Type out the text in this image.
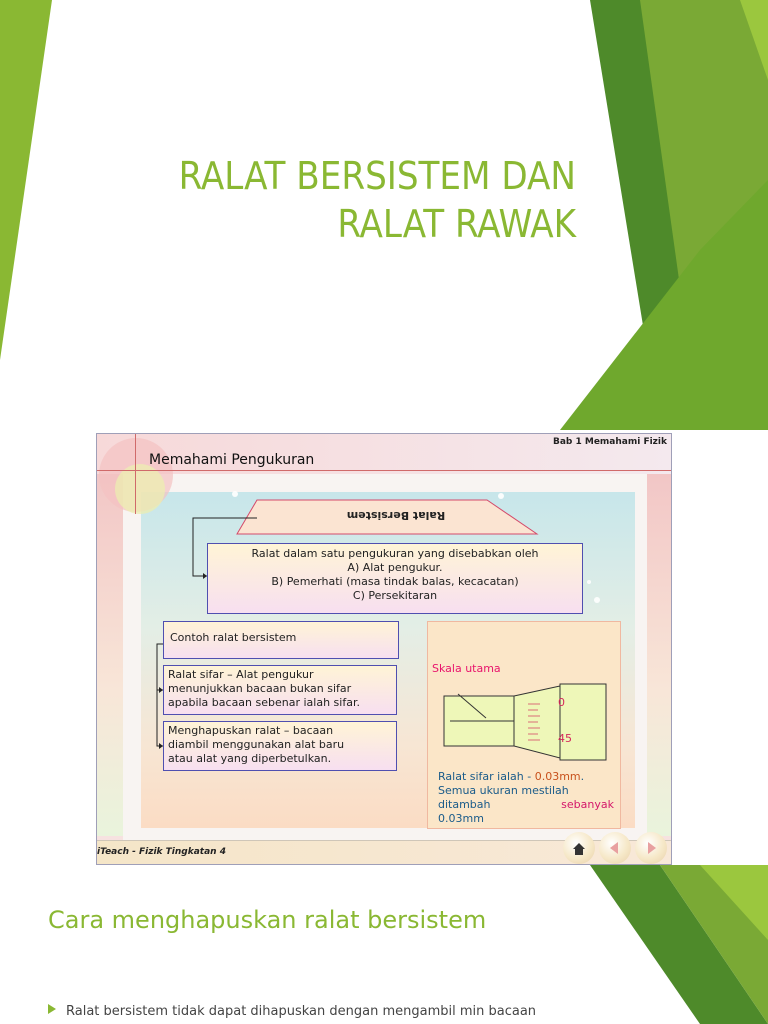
RALAT BERSISTEM DAN
RALAT RAWAK
Bab 1 Memahami Fizik
Memahami Pengukuran
Ralat Bersistem
Ralat dalam satu pengukuran yang disebabkan oleh
A) Alat pengukur.
B) Pemerhati (masa tindak balas, kecacatan)
C) Persekitaran
Contoh ralat bersistem
Ralat sifar – Alat pengukur
menunjukkan bacaan bukan sifar
apabila bacaan sebenar ialah sifar.
Menghapuskan ralat – bacaan
diambil menggunakan alat baru
atau alat yang diperbetulkan.
Skala utama
0
45
Ralat sifar ialah - 0.03mm.
Semua ukuran mestilah
ditambah	sebanyak
0.03mm
iTeach - Fizik Tingkatan 4
Cara menghapuskan ralat bersistem
Ralat bersistem tidak dapat dihapuskan dengan mengambil min bacaan
